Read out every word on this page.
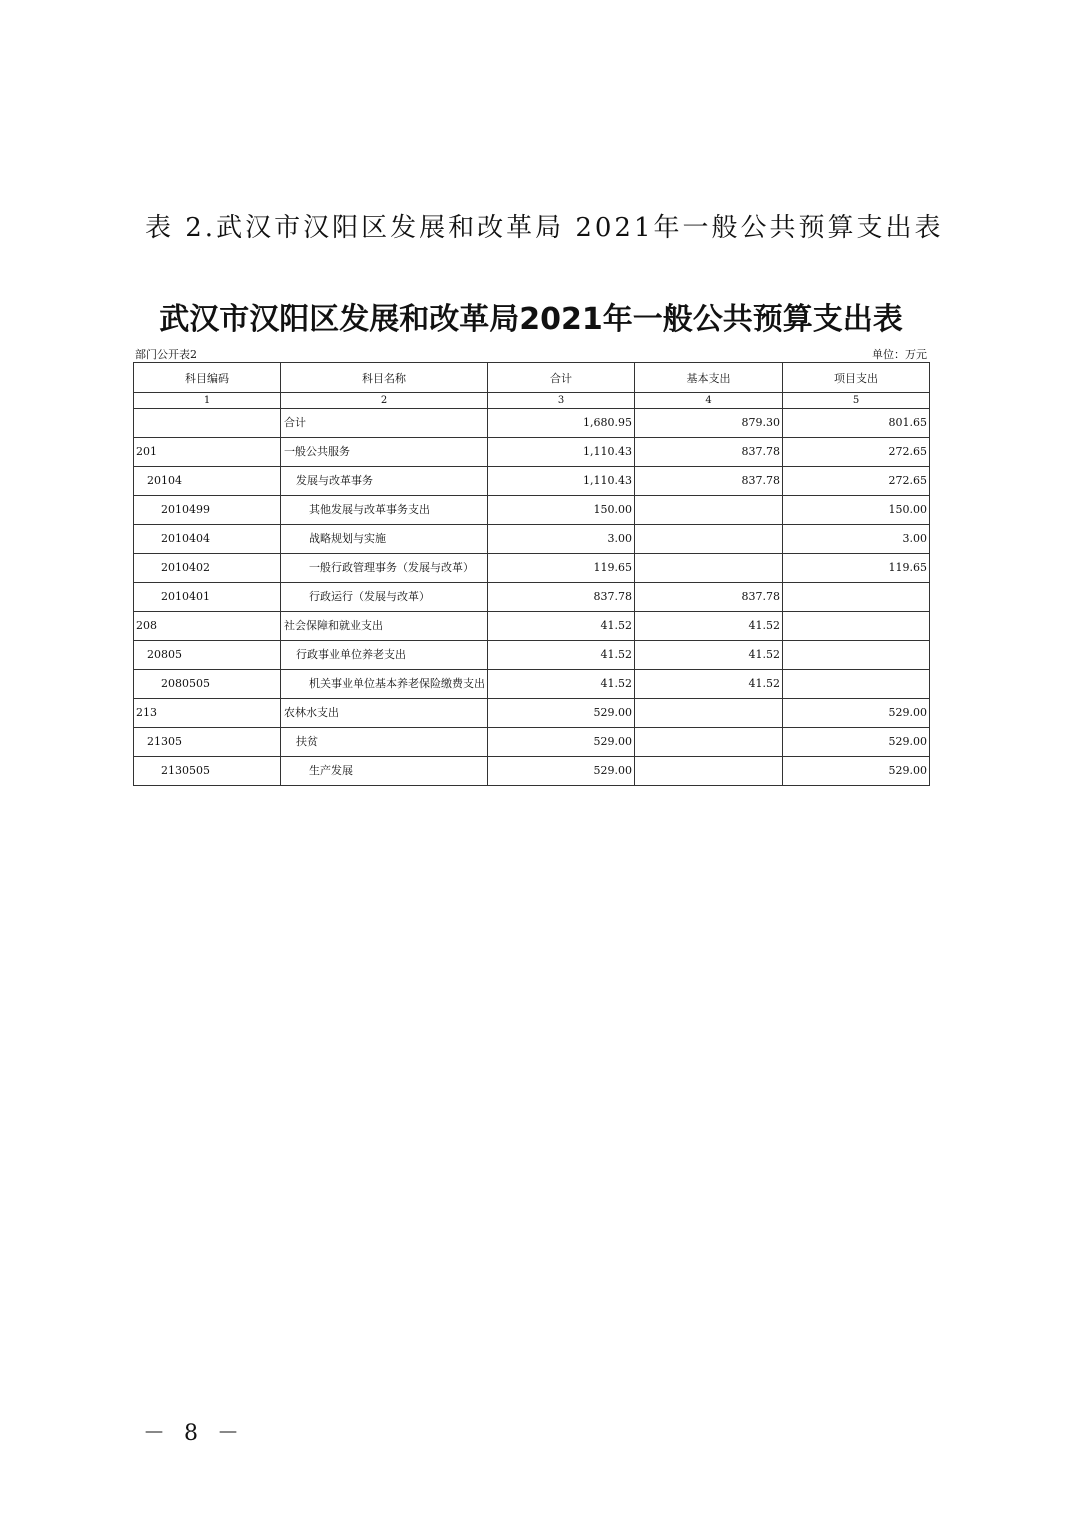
表 2.武汉市汉阳区发展和改革局 2021年一般公共预算支出表
武汉市汉阳区发展和改革局2021年一般公共预算支出表
部门公开表2	单位：万元
科目编码	科目名称	合计	基本支出	项目支出
1	2	3	4	5
	合计	1,680.95	879.30	801.65
201	一般公共服务	1,110.43	837.78	272.65
20104	发展与改革事务	1,110.43	837.78	272.65
2010499	其他发展与改革事务支出	150.00		150.00
2010404	战略规划与实施	3.00		3.00
2010402	一般行政管理事务（发展与改革）	119.65		119.65
2010401	行政运行（发展与改革）	837.78	837.78	
208	社会保障和就业支出	41.52	41.52	
20805	行政事业单位养老支出	41.52	41.52	
2080505	机关事业单位基本养老保险缴费支出	41.52	41.52	
213	农林水支出	529.00		529.00
21305	扶贫	529.00		529.00
2130505	生产发展	529.00		529.00
－ 8 －
